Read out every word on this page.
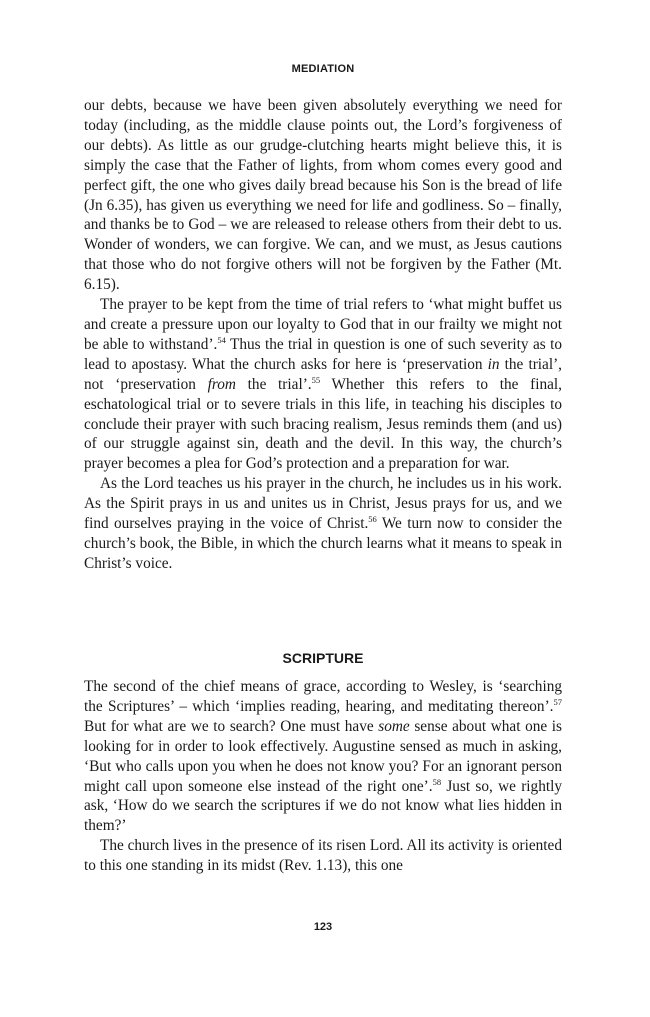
MEDIATION

our debts, because we have been given absolutely everything we need for today (including, as the middle clause points out, the Lord’s forgiveness of our debts). As little as our grudge-clutching hearts might believe this, it is simply the case that the Father of lights, from whom comes every good and perfect gift, the one who gives daily bread because his Son is the bread of life (Jn 6.35), has given us everything we need for life and godliness. So – finally, and thanks be to God – we are released to release others from their debt to us. Wonder of wonders, we can forgive. We can, and we must, as Jesus cautions that those who do not forgive others will not be forgiven by the Father (Mt. 6.15).

The prayer to be kept from the time of trial refers to ‘what might buffet us and create a pressure upon our loyalty to God that in our frailty we might not be able to withstand’.$^{54}$ Thus the trial in question is one of such severity as to lead to apostasy. What the church asks for here is ‘preservation in the trial’, not ‘preservation from the trial’.$^{55}$ Whether this refers to the final, eschatological trial or to severe trials in this life, in teaching his disciples to conclude their prayer with such bracing realism, Jesus reminds them (and us) of our struggle against sin, death and the devil. In this way, the church’s prayer becomes a plea for God’s protection and a preparation for war.

As the Lord teaches us his prayer in the church, he includes us in his work. As the Spirit prays in us and unites us in Christ, Jesus prays for us, and we find ourselves praying in the voice of Christ.$^{56}$ We turn now to consider the church’s book, the Bible, in which the church learns what it means to speak in Christ’s voice.

SCRIPTURE

The second of the chief means of grace, according to Wesley, is ‘searching the Scriptures’ – which ‘implies reading, hearing, and meditating thereon’.$^{57}$ But for what are we to search? One must have some sense about what one is looking for in order to look effectively. Augustine sensed as much in asking, ‘But who calls upon you when he does not know you? For an ignorant person might call upon someone else instead of the right one’.$^{58}$ Just so, we rightly ask, ‘How do we search the scriptures if we do not know what lies hidden in them?’

The church lives in the presence of its risen Lord. All its activity is oriented to this one standing in its midst (Rev. 1.13), this one

123
